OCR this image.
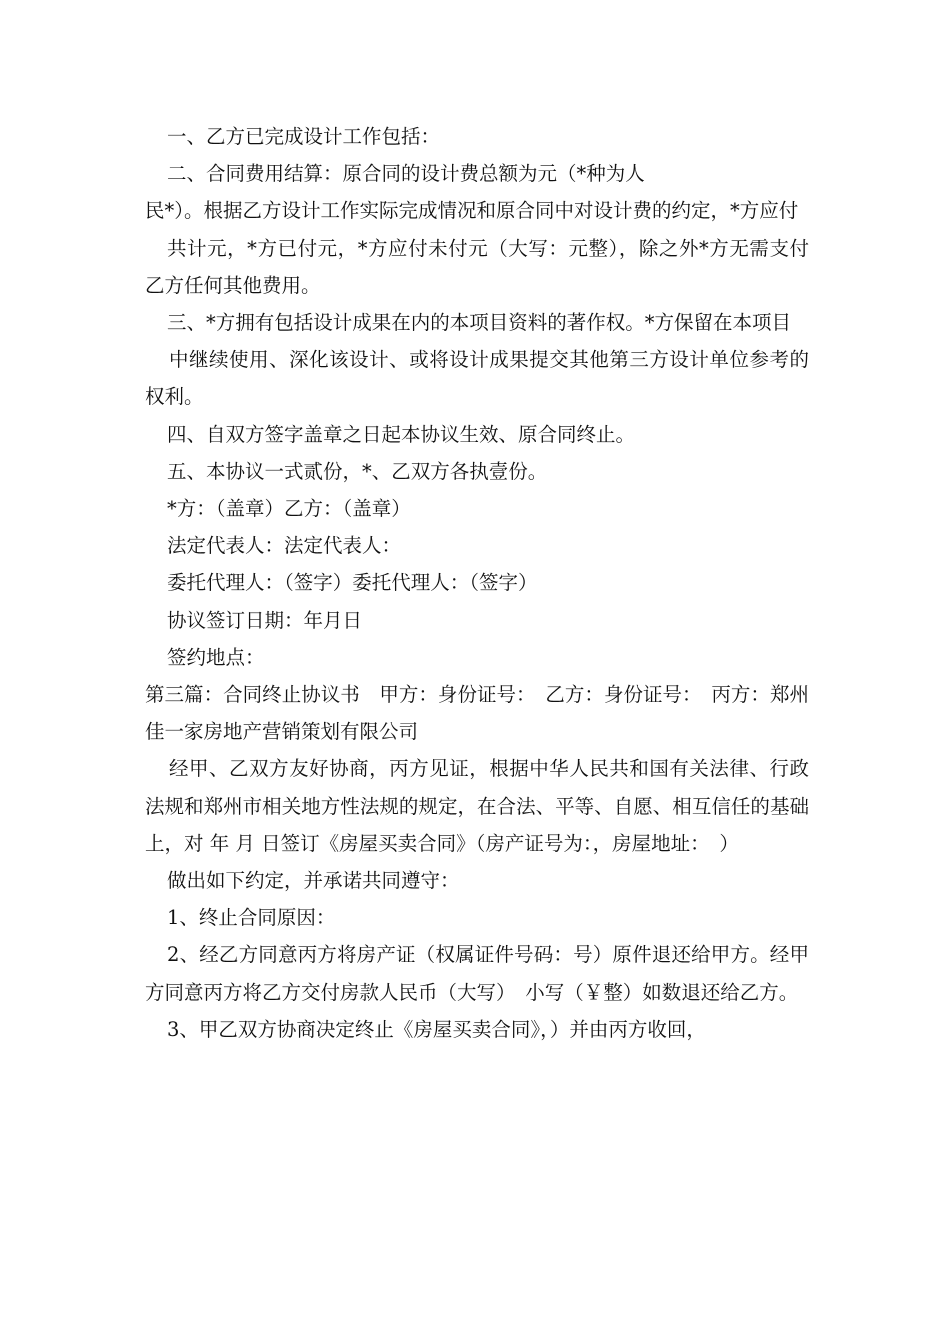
一、乙方已完成设计工作包括：

二、合同费用结算：原合同的设计费总额为元（*种为人

民*）。根据乙方设计工作实际完成情况和原合同中对设计费的约定，*方应付

共计元，*方已付元，*方应付未付元（大写：元整），除之外*方无需支付乙方任何其他费用。

三、*方拥有包括设计成果在内的本项目资料的著作权。*方保留在本项目

中继续使用、深化该设计、或将设计成果提交其他第三方设计单位参考的权利。

四、自双方签字盖章之日起本协议生效、原合同终止。

五、本协议一式贰份，*、乙双方各执壹份。

*方：（盖章）乙方：（盖章）

法定代表人：法定代表人：

委托代理人：（签字）委托代理人：（签字）

协议签订日期：年月日

签约地点：

第三篇：合同终止协议书　甲方：身份证号：　乙方：身份证号：　丙方：郑州佳一家房地产营销策划有限公司

经甲、乙双方友好协商，丙方见证，根据中华人民共和国有关法律、行政法规和郑州市相关地方性法规的规定，在合法、平等、自愿、相互信任的基础上，对 年 月 日签订《房屋买卖合同》（房产证号为：，房屋地址：　）

做出如下约定，并承诺共同遵守：

1、终止合同原因：

2、经乙方同意丙方将房产证（权属证件号码：号）原件退还给甲方。经甲方同意丙方将乙方交付房款人民币（大写）　小写（￥整）如数退还给乙方。

3、甲乙双方协商决定终止《房屋买卖合同》，）并由丙方收回，
